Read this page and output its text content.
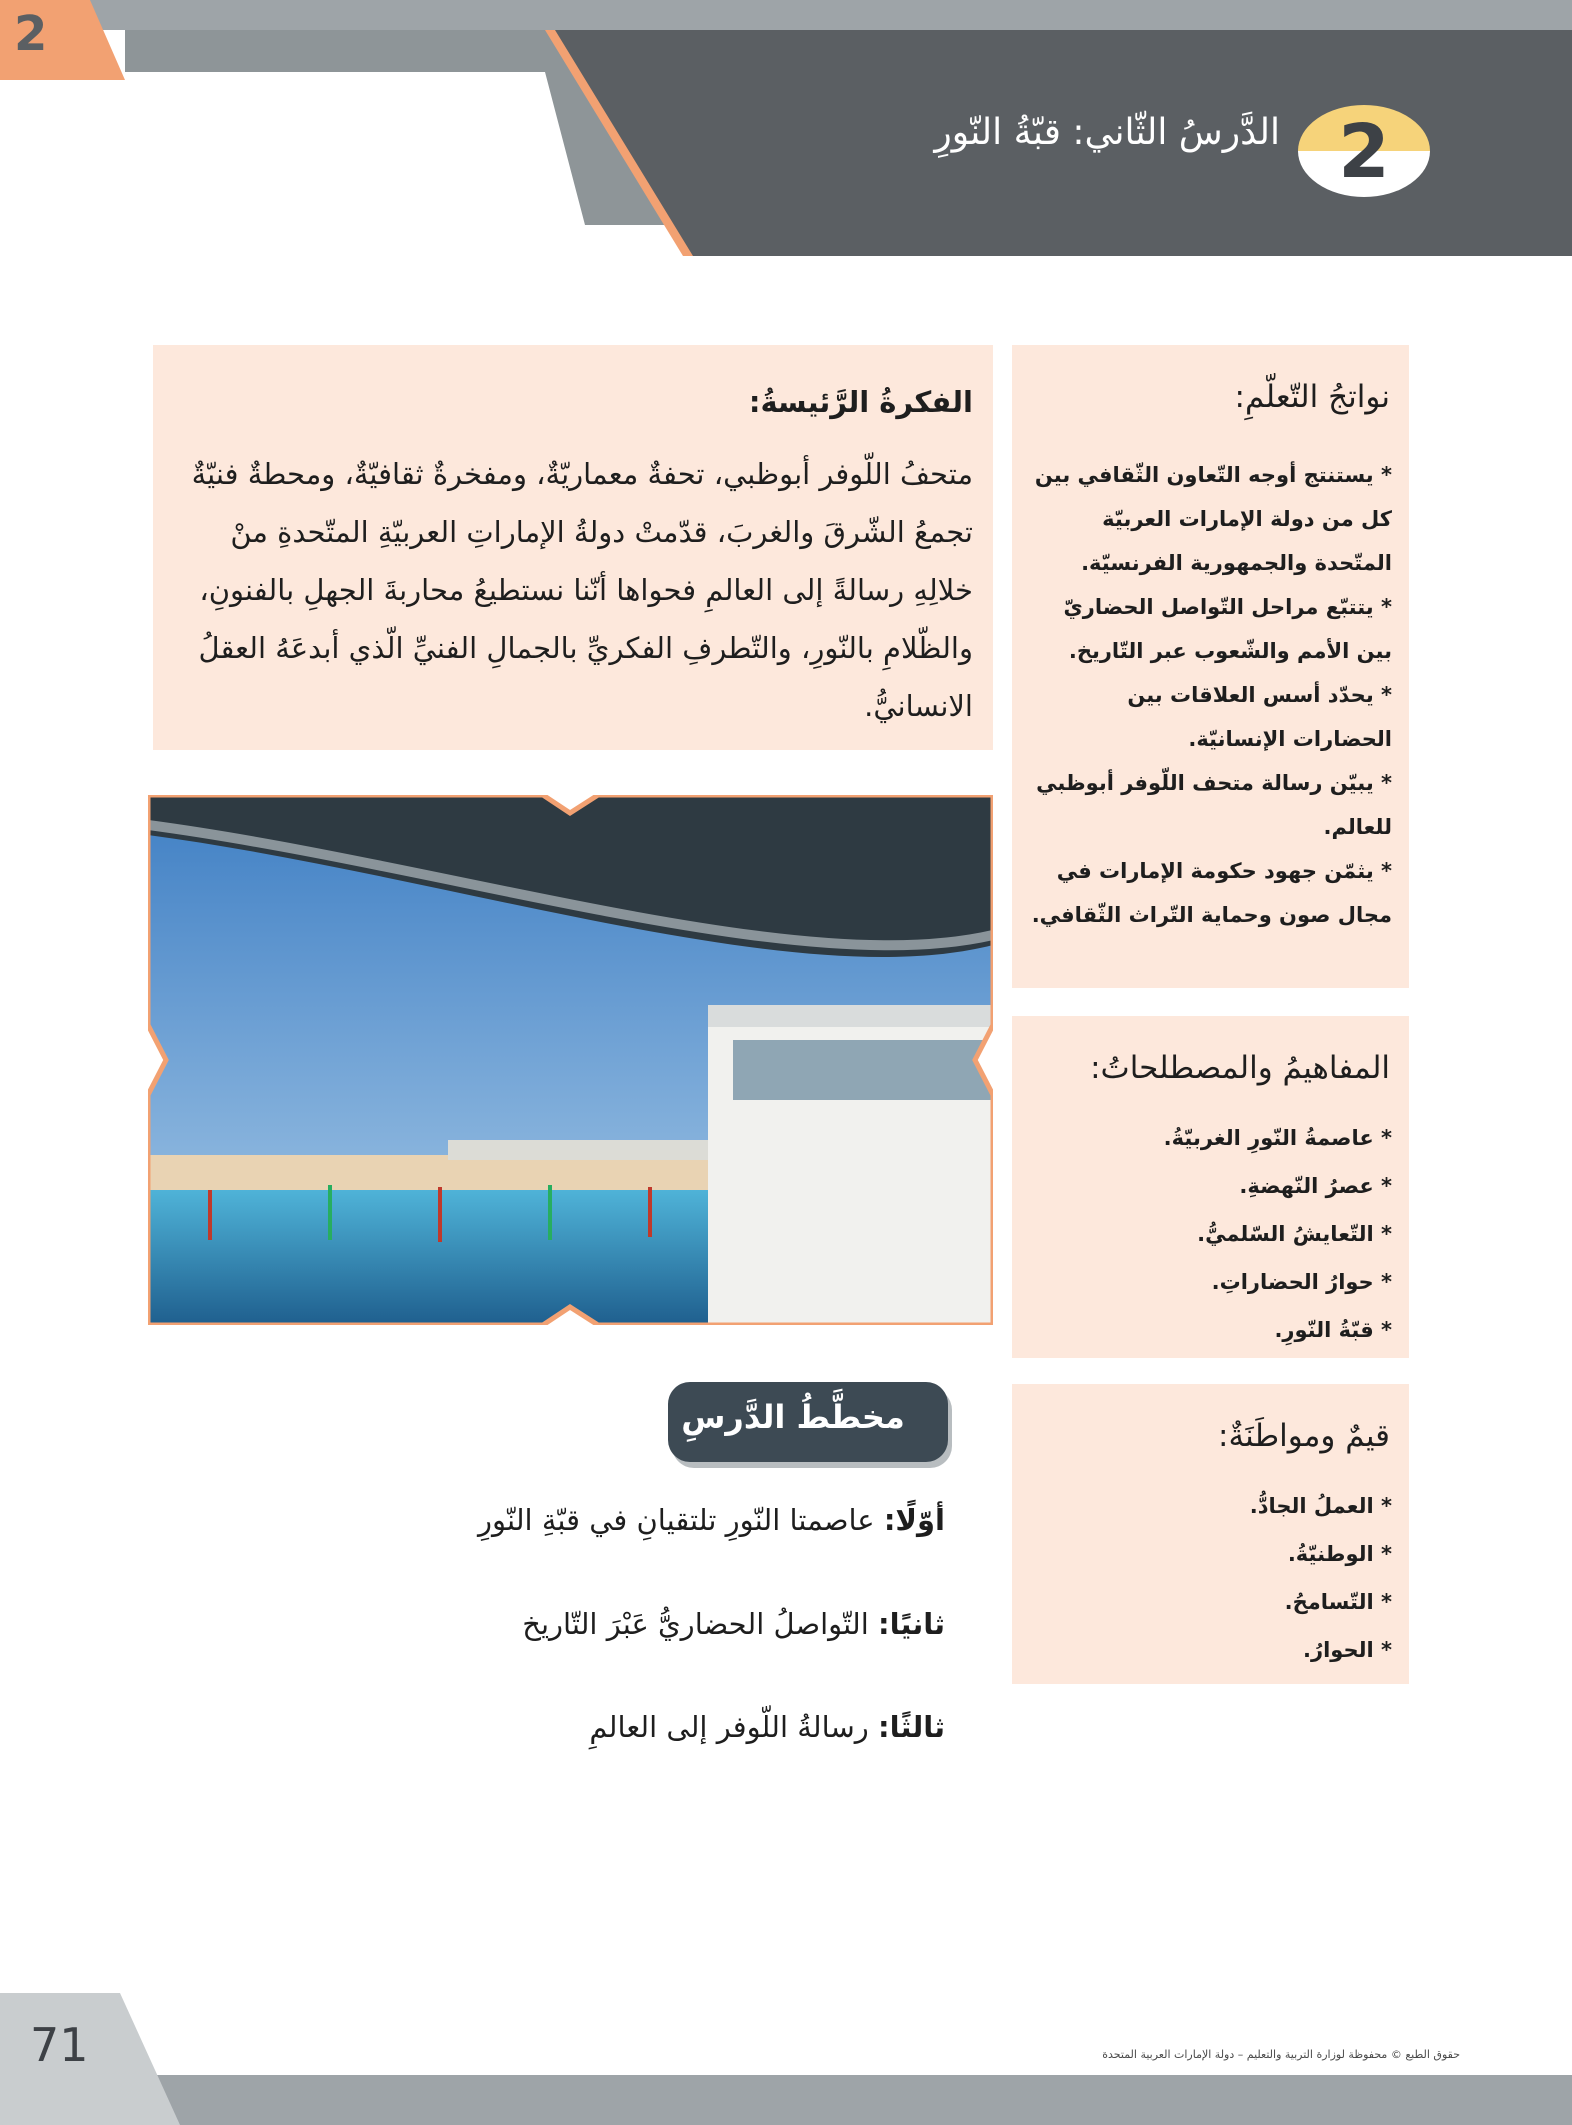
2
2
الدَّرسُ الثّاني: قبّةُ النّورِ
الفكرةُ الرَّئيسةُ:
متحفُ اللّوفر أبوظبي، تحفةٌ معماريّةٌ، ومفخرةٌ ثقافيّةٌ، ومحطةٌ فنيّةٌ تجمعُ الشّرقَ والغربَ، قدّمتْ دولةُ الإماراتِ العربيّةِ المتّحدةِ منْ خلالِهِ رسالةً إلى العالمِ فحواها أنّنا نستطيعُ محاربةَ الجهلِ بالفنونِ، والظّلامِ بالنّورِ، والتّطرفِ الفكريِّ بالجمالِ الفنيِّ الّذي أبدعَهُ العقلُ الانسانيُّ.
نواتجُ التّعلّمِ:

* يستنتج أوجه التّعاون الثّقافي بين كل من دولة الإمارات العربيّة المتّحدة والجمهورية الفرنسيّة.

* يتتبّع مراحل التّواصل الحضاريّ بين الأمم والشّعوب عبر التّاريخ.

* يحدّد أسس العلاقات بين الحضارات الإنسانيّة.

* يبيّن رسالة متحف اللّوفر أبوظبي للعالم.

* يثمّن جهود حكومة الإمارات في مجال صون وحماية التّراث الثّقافي.

المفاهيمُ والمصطلحاتُ:

* عاصمةُ النّورِ الغربيّةُ.

* عصرُ النّهضةِ.

* التّعايشُ السّلميُّ.

* حوارُ الحضاراتِ.

* قبّةُ النّورِ.

قيمٌ ومواطَنَةٌ:

* العملُ الجادُّ.

* الوطنيّةُ.

* التّسامحُ.

* الحوارُ.

مخطَّطُ الدَّرسِ
أوّلًا: عاصمتا النّورِ تلتقيانِ في قبّةِ النّورِ
ثانيًا: التّواصلُ الحضاريُّ عَبْرَ التّاريخ
ثالثًا: رسالةُ اللّوفر إلى العالمِ
71	حقوق الطبع © محفوظة لوزارة التربية والتعليم – دولة الإمارات العربية المتحدة
